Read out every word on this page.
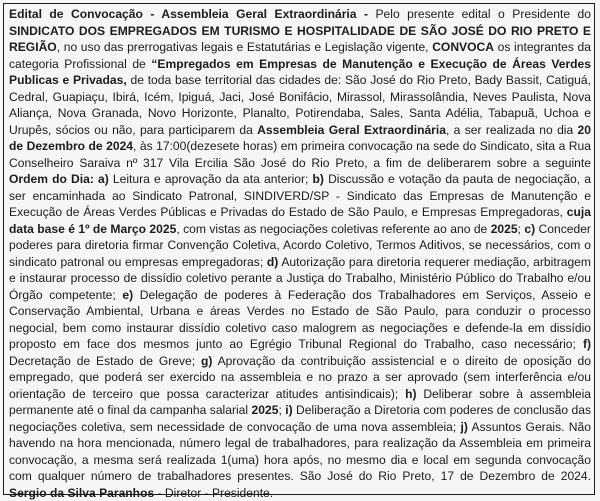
Edital de Convocação - Assembleia Geral Extraordinária - Pelo presente edital o Presidente do SINDICATO DOS EMPREGADOS EM TURISMO E HOSPITALIDADE DE SÃO JOSÉ DO RIO PRETO E REGIÃO, no uso das prerrogativas legais e Estatutárias e Legislação vigente, CONVOCA os integrantes da categoria Profissional de “Empregados em Empresas de Manutenção e Execução de Áreas Verdes Publicas e Privadas, de toda base territorial das cidades de: São José do Rio Preto, Bady Bassit, Catiguá, Cedral, Guapiaçu, Ibirá, Icém, Ipiguá, Jaci, José Bonifácio, Mirassol, Mirassolândia, Neves Paulista, Nova Aliança, Nova Granada, Novo Horizonte, Planalto, Potirendaba, Sales, Santa Adélia, Tabapuã, Uchoa e Urupês, sócios ou não, para participarem da Assembleia Geral Extraordinária, a ser realizada no dia 20 de Dezembro de 2024, às 17:00(dezesete horas) em primeira convocação na sede do Sindicato, sita a Rua Conselheiro Saraiva nº 317 Vila Ercilia São José do Rio Preto, a fim de deliberarem sobre a seguinte Ordem do Dia: a) Leitura e aprovação da ata anterior; b) Discussão e votação da pauta de negociação, a ser encaminhada ao Sindicato Patronal, SINDIVERD/SP - Sindicato das Empresas de Manutenção e Execução de Áreas Verdes Públicas e Privadas do Estado de São Paulo, e Empresas Empregadoras, cuja data base é 1º de Março 2025, com vistas as negociações coletivas referente ao ano de 2025; c) Conceder poderes para diretoria firmar Convenção Coletiva, Acordo Coletivo, Termos Aditivos, se necessários, com o sindicato patronal ou empresas empregadoras; d) Autorização para diretoria requerer mediação, arbitragem e instaurar processo de dissídio coletivo perante a Justiça do Trabalho, Ministério Público do Trabalho e/ou Órgão competente; e) Delegação de poderes à Federação dos Trabalhadores em Serviços, Asseio e Conservação Ambiental, Urbana e áreas Verdes no Estado de São Paulo, para conduzir o processo negocial, bem como instaurar dissídio coletivo caso malogrem as negociações e defende-la em dissídio proposto em face dos mesmos junto ao Egrégio Tribunal Regional do Trabalho, caso necessário; f) Decretação de Estado de Greve; g) Aprovação da contribuição assistencial e o direito de oposição do empregado, que poderá ser exercido na assembleia e no prazo a ser aprovado (sem interferência e/ou orientação de terceiro que possa caracterizar atitudes antisindicais); h) Deliberar sobre à assembleia permanente até o final da campanha salarial 2025; i) Deliberação a Diretoria com poderes de conclusão das negociações coletiva, sem necessidade de convocação de uma nova assembleia; j) Assuntos Gerais. Não havendo na hora mencionada, número legal de trabalhadores, para realização da Assembleia em primeira convocação, a mesma será realizada 1(uma) hora após, no mesmo dia e local em segunda convocação com qualquer número de trabalhadores presentes. São José do Rio Preto, 17 de Dezembro de 2024. Sergio da Silva Paranhos - Diretor - Presidente.
